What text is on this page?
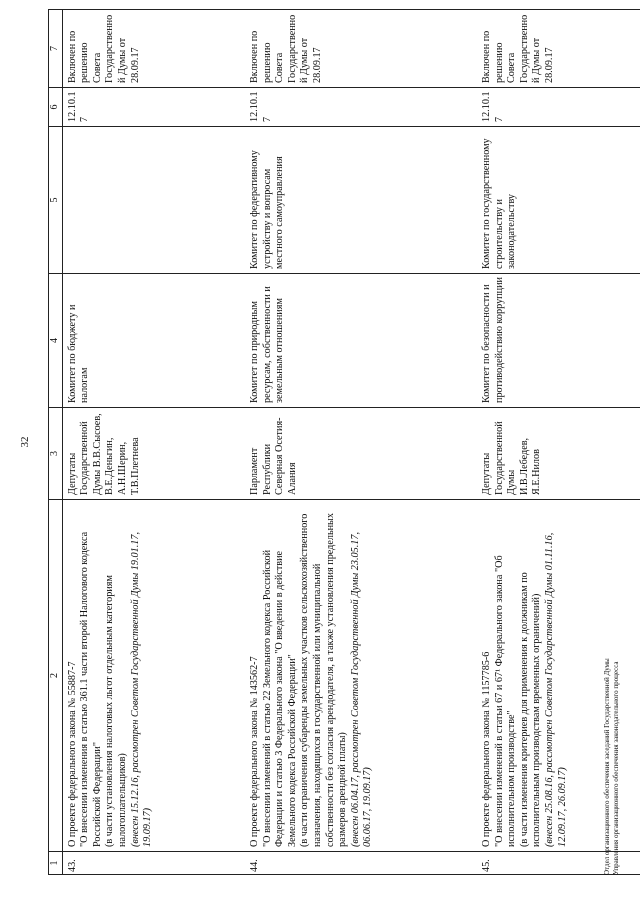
32
1	2	3	4	5	6	7
43.	О проекте федерального закона № 55887-7 "О внесении изменения в статью 361.1 части второй Налогового кодекса Российской Федерации" (в части установления налоговых льгот отдельным категориям налогоплательщиков) (внесен 15.12.16, рассмотрен Советом Государственной Думы 19.01.17, 19.09.17)	Депутаты Государственной Думы В.В.Сысоев, В.Е.Деньгин, А.Н.Шерин, Т.В.Плетнева	Комитет по бюджету и налогам		12.10.17	Включен по решению Совета Государственной Думы от 28.09.17
44.	О проекте федерального закона № 143562-7 "О внесении изменений в статью 22 Земельного кодекса Российской Федерации и статью 3 Федерального закона "О введении в действие Земельного кодекса Российской Федерации" (в части ограничения субаренды земельных участков сельскохозяйственного назначения, находящихся в государственной или муниципальной собственности без согласия арендодателя, а также установления предельных размеров арендной платы) (внесен 06.04.17, рассмотрен Советом Государственной Думы 23.05.17, 06.06.17, 19.09.17)	Парламент Республики Северная Осетия-Алания	Комитет по природным ресурсам, собственности и земельным отношениям	Комитет по федеративному устройству и вопросам местного самоуправления	12.10.17	Включен по решению Совета Государственной Думы от 28.09.17
45.	О проекте федерального закона № 1157785-6 "О внесении изменений в статьи 67 и 67¹ Федерального закона "Об исполнительном производстве" (в части изменения критериев для применения к должникам по исполнительным производствам временных ограничений) (внесен 25.08.16, рассмотрен Советом Государственной Думы 01.11.16, 12.09.17, 26.09.17)	Депутаты Государственной Думы И.В.Лебедев, Я.Е.Нилов	Комитет по безопасности и противодействию коррупции	Комитет по государственному строительству и законодательству	12.10.17	Включен по решению Совета Государственной Думы от 28.09.17
Отдел организационного обеспечения заседаний Государственной Думы Управления организационного обеспечения законодательного процесса
